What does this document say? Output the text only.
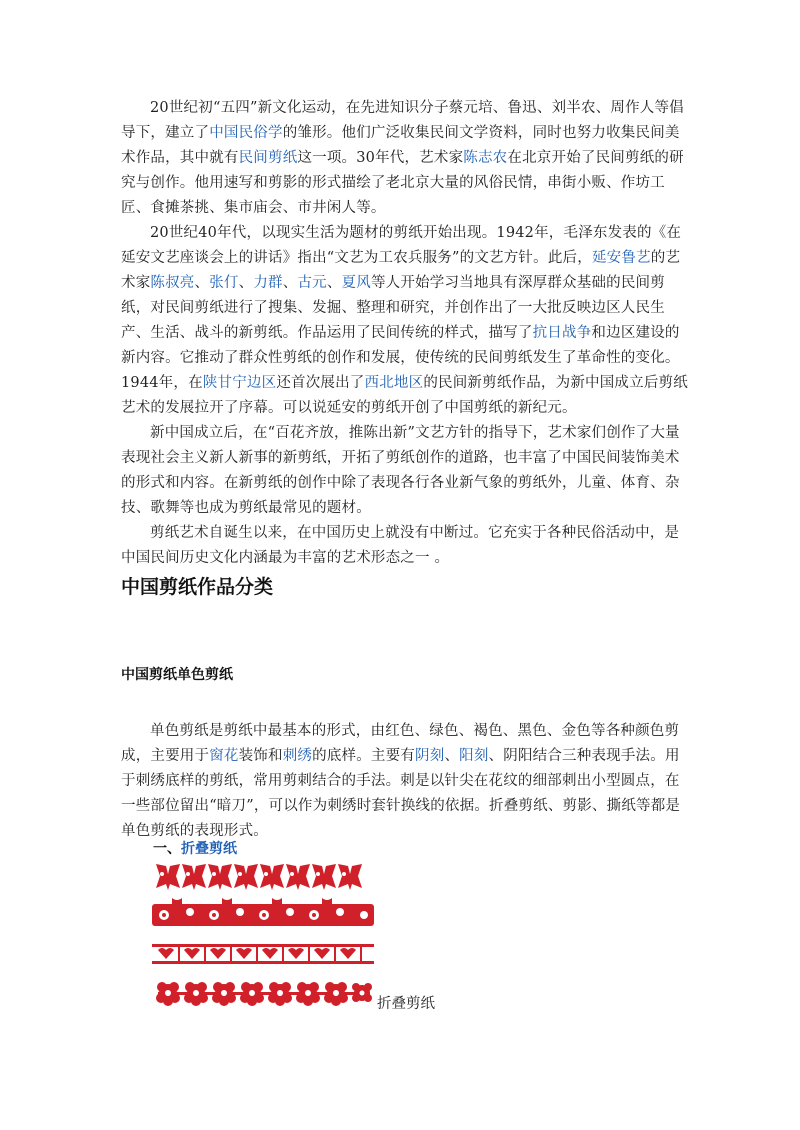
20世纪初“五四”新文化运动，在先进知识分子蔡元培、鲁迅、刘半农、周作人等倡导下，建立了中国民俗学的雏形。他们广泛收集民间文学资料，同时也努力收集民间美术作品，其中就有民间剪纸这一项。30年代，艺术家陈志农在北京开始了民间剪纸的研究与创作。他用速写和剪影的形式描绘了老北京大量的风俗民情，串街小贩、作坊工匠、食摊茶挑、集市庙会、市井闲人等。

20世纪40年代，以现实生活为题材的剪纸开始出现。1942年，毛泽东发表的《在延安文艺座谈会上的讲话》指出“文艺为工农兵服务”的文艺方针。此后，延安鲁艺的艺术家陈叔亮、张仃、力群、古元、夏风等人开始学习当地具有深厚群众基础的民间剪纸，对民间剪纸进行了搜集、发掘、整理和研究，并创作出了一大批反映边区人民生产、生活、战斗的新剪纸。作品运用了民间传统的样式，描写了抗日战争和边区建设的新内容。它推动了群众性剪纸的创作和发展，使传统的民间剪纸发生了革命性的变化。1944年，在陕甘宁边区还首次展出了西北地区的民间新剪纸作品，为新中国成立后剪纸艺术的发展拉开了序幕。可以说延安的剪纸开创了中国剪纸的新纪元。

新中国成立后，在“百花齐放，推陈出新”文艺方针的指导下，艺术家们创作了大量表现社会主义新人新事的新剪纸，开拓了剪纸创作的道路，也丰富了中国民间装饰美术的形式和内容。在新剪纸的创作中除了表现各行各业新气象的剪纸外，儿童、体育、杂技、歌舞等也成为剪纸最常见的题材。

剪纸艺术自诞生以来，在中国历史上就没有中断过。它充实于各种民俗活动中，是中国民间历史文化内涵最为丰富的艺术形态之一 。

中国剪纸作品分类
中国剪纸单色剪纸

单色剪纸是剪纸中最基本的形式，由红色、绿色、褐色、黑色、金色等各种颜色剪成，主要用于窗花装饰和刺绣的底样。主要有阴刻、阳刻、阴阳结合三种表现手法。用于刺绣底样的剪纸，常用剪刺结合的手法。刺是以针尖在花纹的细部刺出小型圆点，在一些部位留出“暗刀”，可以作为刺绣时套针换线的依据。折叠剪纸、剪影、撕纸等都是单色剪纸的表现形式。

一、折叠剪纸

折叠剪纸
